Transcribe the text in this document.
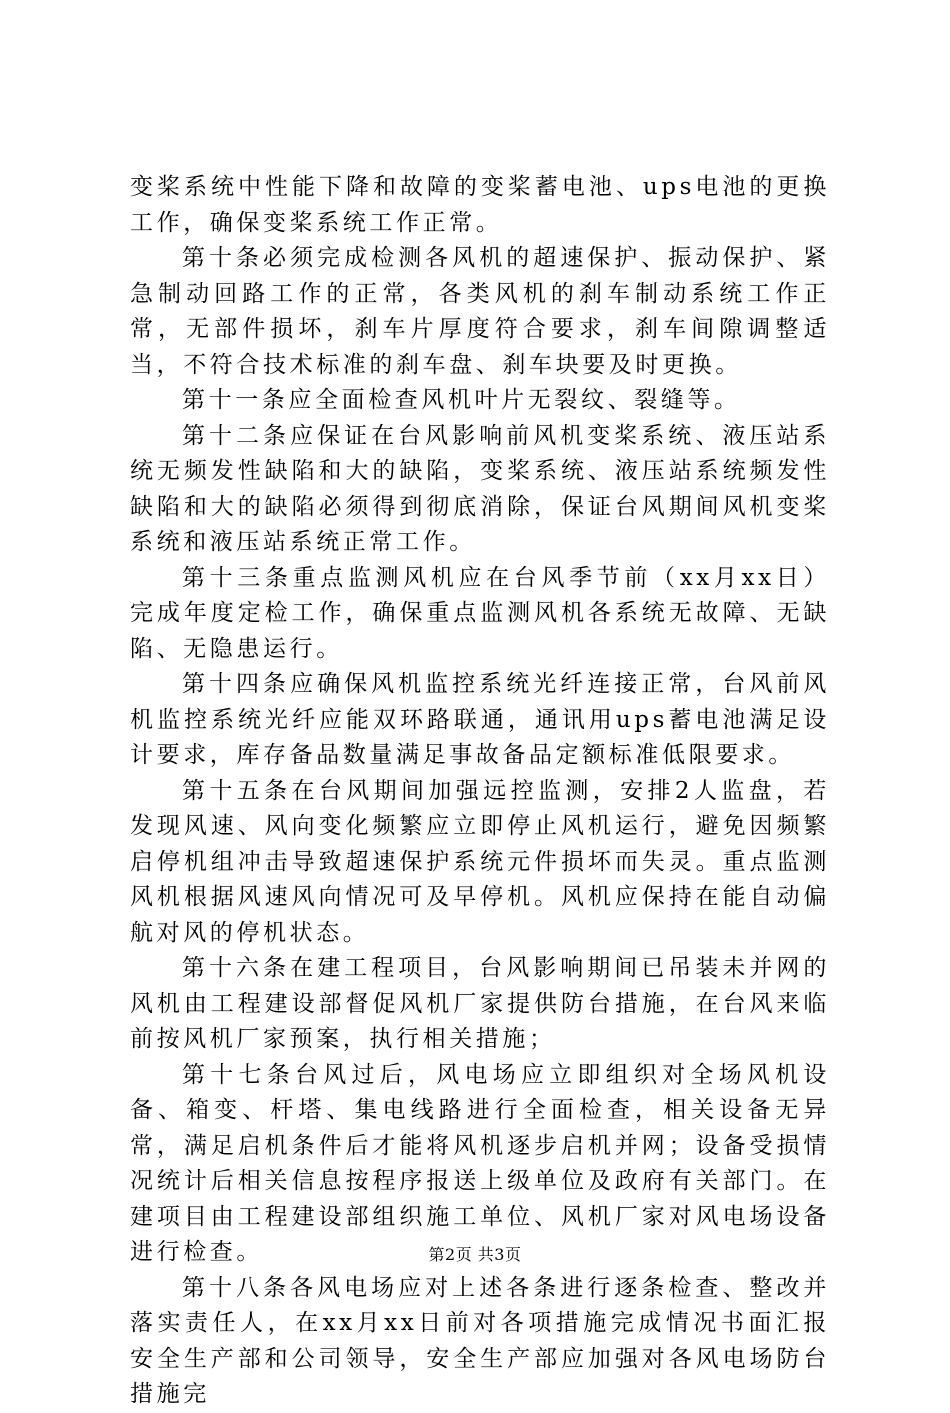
变桨系统中性能下降和故障的变桨蓄电池、ups电池的更换工作，确保变桨系统工作正常。

第十条必须完成检测各风机的超速保护、振动保护、紧急制动回路工作的正常，各类风机的刹车制动系统工作正常，无部件损坏，刹车片厚度符合要求，刹车间隙调整适当，不符合技术标准的刹车盘、刹车块要及时更换。

第十一条应全面检查风机叶片无裂纹、裂缝等。

第十二条应保证在台风影响前风机变桨系统、液压站系统无频发性缺陷和大的缺陷，变桨系统、液压站系统频发性缺陷和大的缺陷必须得到彻底消除，保证台风期间风机变桨系统和液压站系统正常工作。

第十三条重点监测风机应在台风季节前（xx月xx日）完成年度定检工作，确保重点监测风机各系统无故障、无缺陷、无隐患运行。

第十四条应确保风机监控系统光纤连接正常，台风前风机监控系统光纤应能双环路联通，通讯用ups蓄电池满足设计要求，库存备品数量满足事故备品定额标准低限要求。

第十五条在台风期间加强远控监测，安排2人监盘，若发现风速、风向变化频繁应立即停止风机运行，避免因频繁启停机组冲击导致超速保护系统元件损坏而失灵。重点监测风机根据风速风向情况可及早停机。风机应保持在能自动偏航对风的停机状态。

第十六条在建工程项目，台风影响期间已吊装未并网的风机由工程建设部督促风机厂家提供防台措施，在台风来临前按风机厂家预案，执行相关措施；

第十七条台风过后，风电场应立即组织对全场风机设备、箱变、杆塔、集电线路进行全面检查，相关设备无异常，满足启机条件后才能将风机逐步启机并网；设备受损情况统计后相关信息按程序报送上级单位及政府有关部门。在建项目由工程建设部组织施工单位、风机厂家对风电场设备进行检查。

第十八条各风电场应对上述各条进行逐条检查、整改并落实责任人，在xx月xx日前对各项措施完成情况书面汇报安全生产部和公司领导，安全生产部应加强对各风电场防台措施完

第2页 共3页
